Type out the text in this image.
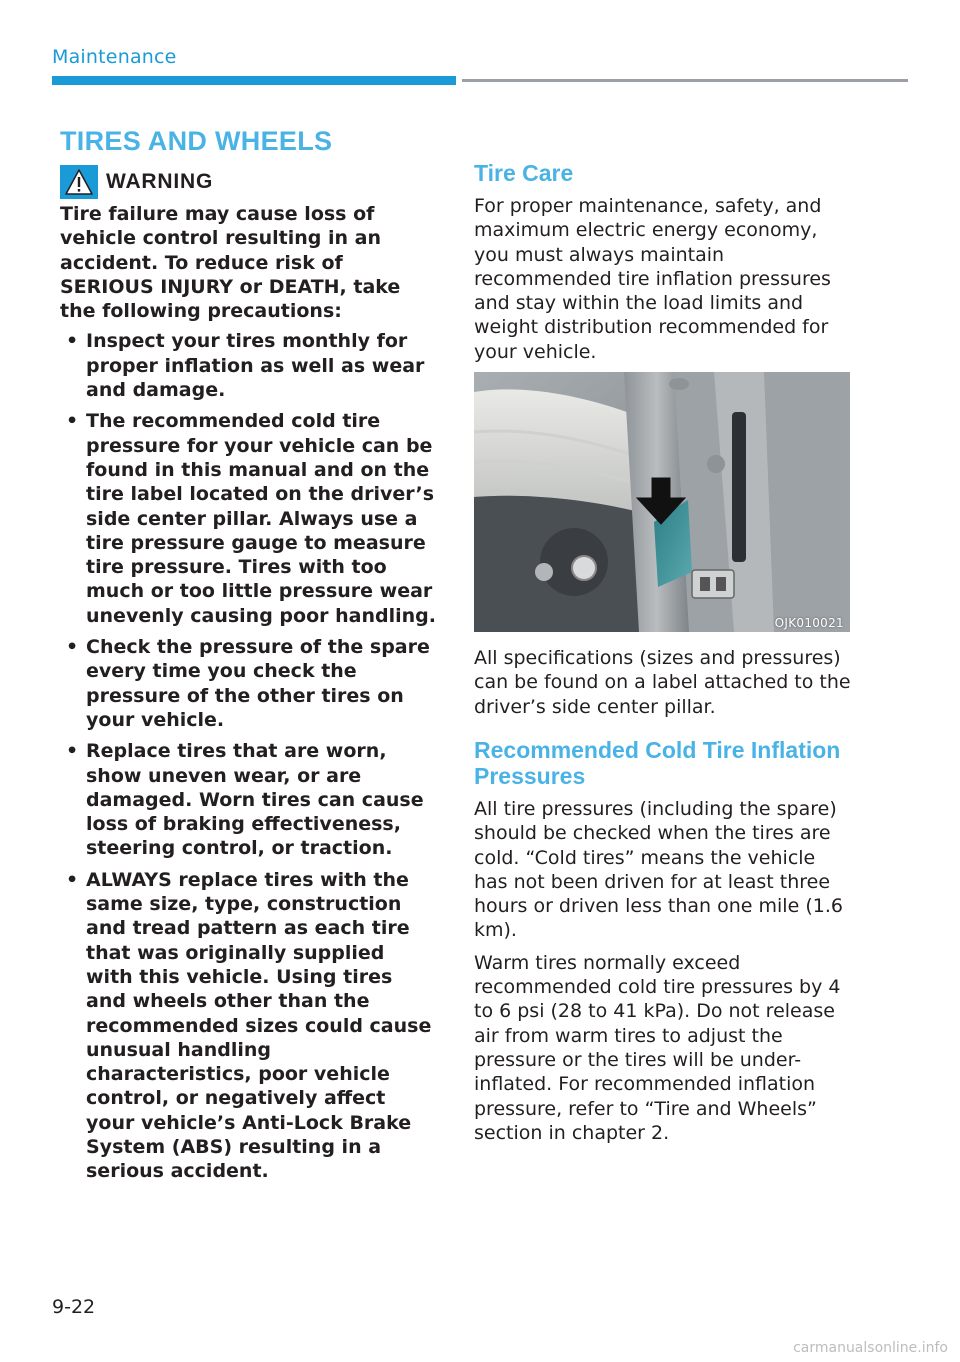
Maintenance
TIRES AND WHEELS
WARNING

Tire failure may cause loss of vehicle control resulting in an accident. To reduce risk of SERIOUS INJURY or DEATH, take the following precautions:

• Inspect your tires monthly for proper inflation as well as wear and damage.
• The recommended cold tire pressure for your vehicle can be found in this manual and on the tire label located on the driver’s side center pillar. Always use a tire pressure gauge to measure tire pressure. Tires with too much or too little pressure wear unevenly causing poor handling.
• Check the pressure of the spare every time you check the pressure of the other tires on your vehicle.
• Replace tires that are worn, show uneven wear, or are damaged. Worn tires can cause loss of braking effectiveness, steering control, or traction.
• ALWAYS replace tires with the same size, type, construction and tread pattern as each tire that was originally supplied with this vehicle. Using tires and wheels other than the recommended sizes could cause unusual handling characteristics, poor vehicle control, or negatively affect your vehicle’s Anti-Lock Brake System (ABS) resulting in a serious accident.
Tire Care

For proper maintenance, safety, and maximum electric energy economy, you must always maintain recommended tire inflation pressures and stay within the load limits and weight distribution recommended for your vehicle.

OJK010021

All specifications (sizes and pressures) can be found on a label attached to the driver’s side center pillar.

Recommended Cold Tire Inflation Pressures

All tire pressures (including the spare) should be checked when the tires are cold. “Cold tires” means the vehicle has not been driven for at least three hours or driven less than one mile (1.6 km).

Warm tires normally exceed recommended cold tire pressures by 4 to 6 psi (28 to 41 kPa). Do not release air from warm tires to adjust the pressure or the tires will be under-inflated. For recommended inflation pressure, refer to “Tire and Wheels” section in chapter 2.

9-22
carmanualsonline.info
